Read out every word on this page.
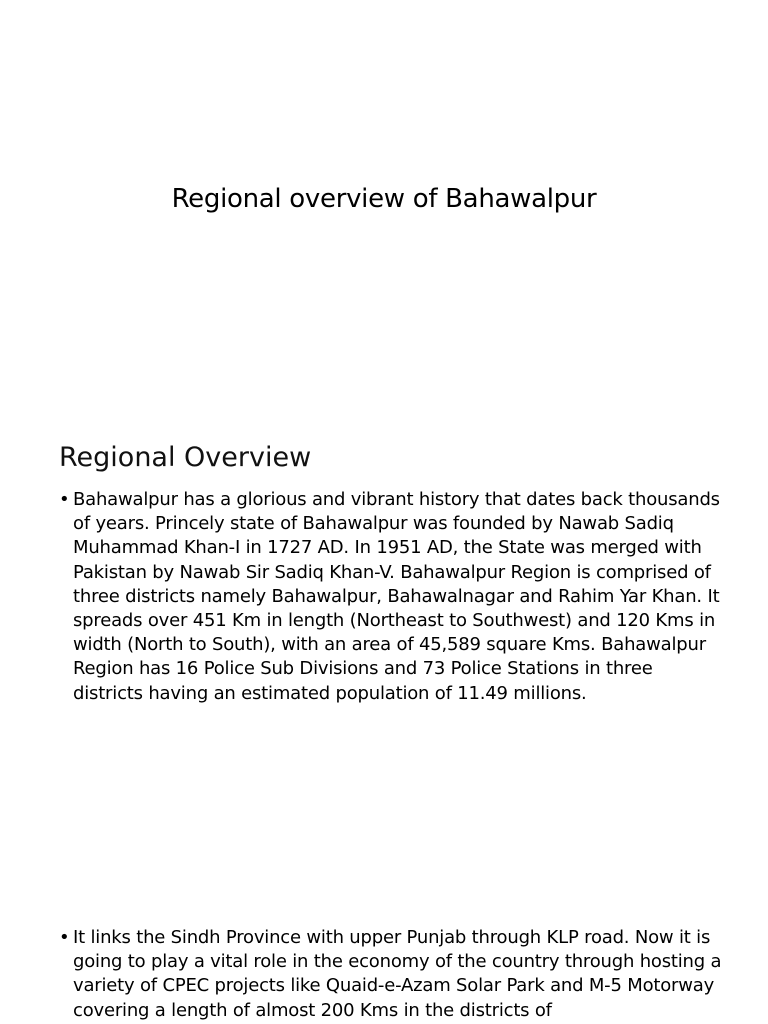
Regional overview of Bahawalpur
Regional Overview

• Bahawalpur has a glorious and vibrant history that dates back thousands of years. Princely state of Bahawalpur was founded by Nawab Sadiq Muhammad Khan-I in 1727 AD. In 1951 AD, the State was merged with Pakistan by Nawab Sir Sadiq Khan-V. Bahawalpur Region is comprised of three districts namely Bahawalpur, Bahawalnagar and Rahim Yar Khan. It spreads over 451 Km in length (Northeast to Southwest) and 120 Kms in width (North to South), with an area of 45,589 square Kms. Bahawalpur Region has 16 Police Sub Divisions and 73 Police Stations in three districts having an estimated population of 11.49 millions.

• It links the Sindh Province with upper Punjab through KLP road. Now it is going to play a vital role in the economy of the country through hosting a variety of CPEC projects like Quaid-e-Azam Solar Park and M-5 Motorway covering a length of almost 200 Kms in the districts of
